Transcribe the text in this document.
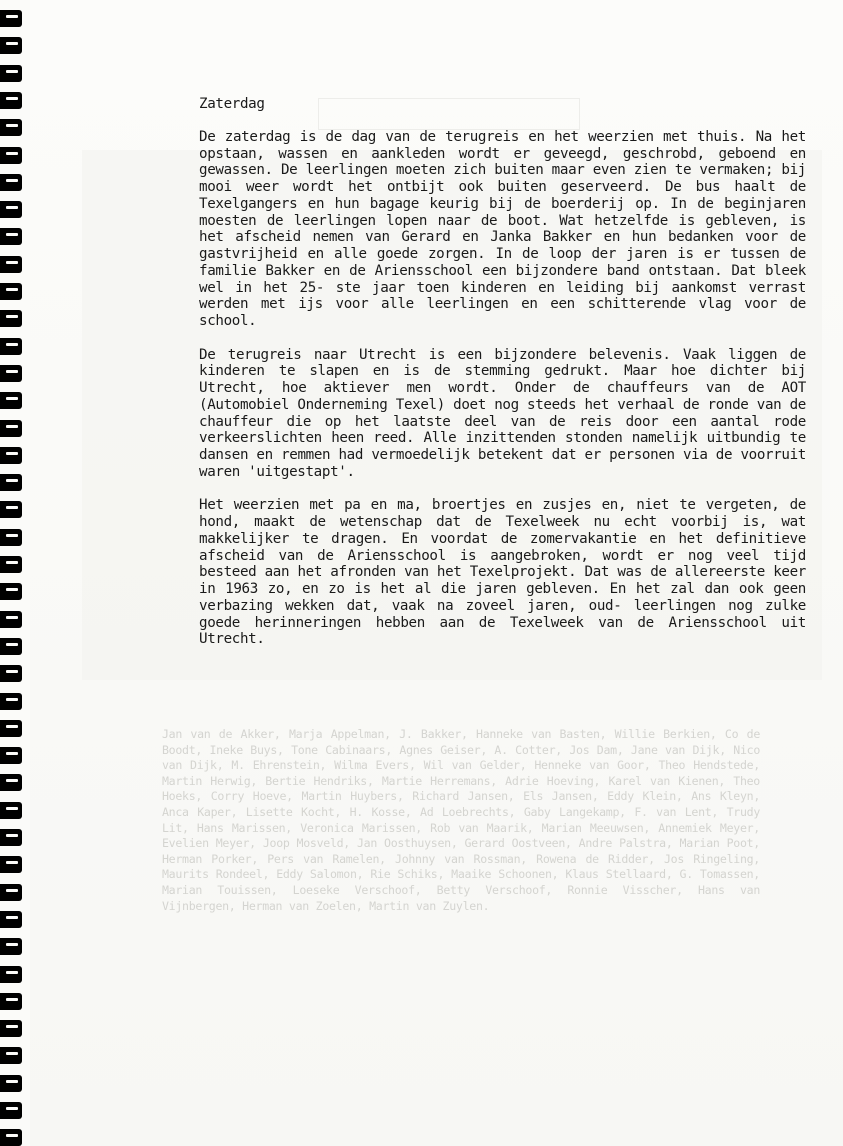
Zaterdag

De zaterdag is de dag van de terugreis en het weerzien met thuis. Na het opstaan, wassen en aankleden wordt er geveegd, geschrobd, geboend en gewassen. De leerlingen moeten zich buiten maar even zien te vermaken; bij mooi weer wordt het ontbijt ook buiten geserveerd. De bus haalt de Texelgangers en hun bagage keurig bij de boerderij op. In de beginjaren moesten de leerlingen lopen naar de boot. Wat hetzelfde is gebleven, is het afscheid nemen van Gerard en Janka Bakker en hun bedanken voor de gastvrijheid en alle goede zorgen. In de loop der jaren is er tussen de familie Bakker en de Ariensschool een bijzondere band ontstaan. Dat bleek wel in het 25- ste jaar toen kinderen en leiding bij aankomst verrast werden met ijs voor alle leerlingen en een schitterende vlag voor de school.

De terugreis naar Utrecht is een bijzondere belevenis. Vaak liggen de kinderen te slapen en is de stemming gedrukt. Maar hoe dichter bij Utrecht, hoe aktiever men wordt. Onder de chauffeurs van de AOT (Automobiel Onderneming Texel) doet nog steeds het verhaal de ronde van de chauffeur die op het laatste deel van de reis door een aantal rode verkeerslichten heen reed. Alle inzittenden stonden namelijk uitbundig te dansen en remmen had vermoedelijk betekent dat er personen via de voorruit waren 'uitgestapt'.

Het weerzien met pa en ma, broertjes en zusjes en, niet te vergeten, de hond, maakt de wetenschap dat de Texelweek nu echt voorbij is, wat makkelijker te dragen. En voordat de zomervakantie en het definitieve afscheid van de Ariensschool is aangebroken, wordt er nog veel tijd besteed aan het afronden van het Texelprojekt. Dat was de allereerste keer in 1963 zo, en zo is het al die jaren gebleven. En het zal dan ook geen verbazing wekken dat, vaak na zoveel jaren, oud- leerlingen nog zulke goede herinneringen hebben aan de Texelweek van de Ariensschool uit Utrecht.

Jan van de Akker, Marja Appelman, J. Bakker, Hanneke van Basten, Willie Berkien, Co de Boodt, Ineke Buys, Tone Cabinaars, Agnes Geiser, A. Cotter, Jos Dam, Jane van Dijk, Nico van Dijk, M. Ehrenstein, Wilma Evers, Wil van Gelder, Henneke van Goor, Theo Hendstede, Martin Herwig, Bertie Hendriks, Martie Herremans, Adrie Hoeving, Karel van Kienen, Theo Hoeks, Corry Hoeve, Martin Huybers, Richard Jansen, Els Jansen, Eddy Klein, Ans Kleyn, Anca Kaper, Lisette Kocht, H. Kosse, Ad Loebrechts, Gaby Langekamp, F. van Lent, Trudy Lit, Hans Marissen, Veronica Marissen, Rob van Maarik, Marian Meeuwsen, Annemiek Meyer, Evelien Meyer, Joop Mosveld, Jan Oosthuysen, Gerard Oostveen, Andre Palstra, Marian Poot, Herman Porker, Pers van Ramelen, Johnny van Rossman, Rowena de Ridder, Jos Ringeling, Maurits Rondeel, Eddy Salomon, Rie Schiks, Maaike Schoonen, Klaus Stellaard, G. Tomassen, Marian Touissen, Loeseke Verschoof, Betty Verschoof, Ronnie Visscher, Hans van Vijnbergen, Herman van Zoelen, Martin van Zuylen.
